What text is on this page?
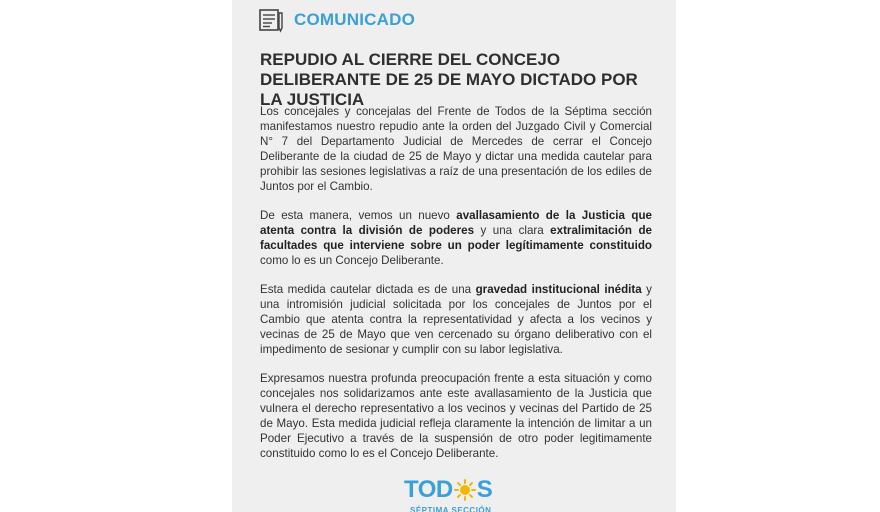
COMUNICADO
REPUDIO AL CIERRE DEL CONCEJO DELIBERANTE DE 25 DE MAYO DICTADO POR LA JUSTICIA

Los concejales y concejalas del Frente de Todos de la Séptima sección manifestamos nuestro repudio ante la orden del Juzgado Civil y Comercial N° 7 del Departamento Judicial de Mercedes de cerrar el Concejo Deliberante de la ciudad de 25 de Mayo y dictar una medida cautelar para prohibir las sesiones legislativas a raíz de una presentación de los ediles de Juntos por el Cambio.

De esta manera, vemos un nuevo avallasamiento de la Justicia que atenta contra la división de poderes y una clara extralimitación de facultades que interviene sobre un poder legítimamente constituido como lo es un Concejo Deliberante.

Esta medida cautelar dictada es de una gravedad institucional inédita y una intromisión judicial solicitada por los concejales de Juntos por el Cambio que atenta contra la representatividad y afecta a los vecinos y vecinas de 25 de Mayo que ven cercenado su órgano deliberativo con el impedimento de sesionar y cumplir con su labor legislativa.

Expresamos nuestra profunda preocupación frente a esta situación y como concejales nos solidarizamos ante este avallasamiento de la Justicia que vulnera el derecho representativo a los vecinos y vecinas del Partido de 25 de Mayo. Esta medida judicial refleja claramente la intención de limitar a un Poder Ejecutivo a través de la suspensión de otro poder legitimamente constituido como lo es el Concejo Deliberante.

TOD S
SÉPTIMA SECCIÓN
